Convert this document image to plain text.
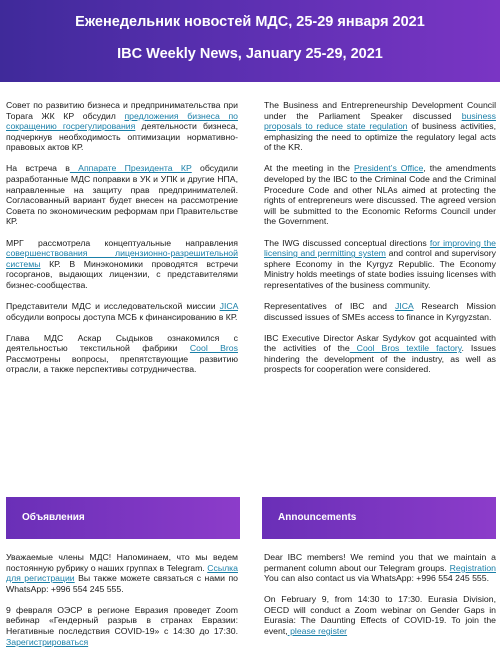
Еженедельник новостей МДС, 25-29 января 2021
IBC Weekly News, January 25-29, 2021

Совет по развитию бизнеса и предпринимательства при Торага ЖК КР обсудил предложения бизнеса по сокращению госрегулирования деятельности бизнеса, подчеркнув необходимость оптимизации нормативно-правовых актов КР.

На встреча в Аппарате Президента КР обсудили разработанные МДС поправки в УК и УПК и другие НПА, направленные на защиту прав предпринимателей. Согласованный вариант будет внесен на рассмотрение Совета по экономическим реформам при Правительстве КР.

МРГ рассмотрела концептуальные направления совершенствования лицензионно-разрешительной системы КР. В Минэкономики проводятся встречи госорганов, выдающих лицензии, с представителями бизнес-сообщества.

Представители МДС и исследовательской миссии JICA обсудили вопросы доступа МСБ к финансированию в КР.

Глава МДС Аскар Сыдыков ознакомился с деятельностью текстильной фабрики Cool Bros Рассмотрены вопросы, препятствующие развитию отрасли, а также перспективы сотрудничества.

The Business and Entrepreneurship Development Council under the Parliament Speaker discussed business proposals to reduce state regulation of business activities, emphasizing the need to optimize the regulatory legal acts of the KR.

At the meeting in the President’s Office, the amendments developed by the IBC to the Criminal Code and the Criminal Procedure Code and other NLAs aimed at protecting the rights of entrepreneurs were discussed. The agreed version will be submitted to the Economic Reforms Council under the Government.

The IWG discussed conceptual directions for improving the licensing and permitting system and control and supervisory sphere Economy in the Kyrgyz Republic. The Economy Ministry holds meetings of state bodies issuing licenses with representatives of the business community.

Representatives of IBC and JICA Research Mission discussed issues of SMEs access to finance in Kyrgyzstan.

IBC Executive Director Askar Sydykov got acquainted with the activities of the Cool Bros textile factory. Issues hindering the development of the industry, as well as prospects for cooperation were considered.

Объявления	Announcements

Уважаемые члены МДС! Напоминаем, что мы ведем постоянную рубрику о наших группах в Telegram. Ссылка для регистрации Вы также можете связаться с нами по WhatsApp: +996 554 245 555.

9 февраля ОЭСР в регионе Евразия проведет Zoom вебинар «Гендерный разрыв в странах Евразии: Негативные последствия COVID-19» с 14:30 до 17:30. Зарегистрироваться

Dear IBC members! We remind you that we maintain a permanent column about our Telegram groups. Registration You can also contact us via WhatsApp: +996 554 245 555.

On February 9, from 14:30 to 17:30. Eurasia Division, OECD will conduct a Zoom webinar on Gender Gaps in Eurasia: The Daunting Effects of COVID-19. To join the event, please register
